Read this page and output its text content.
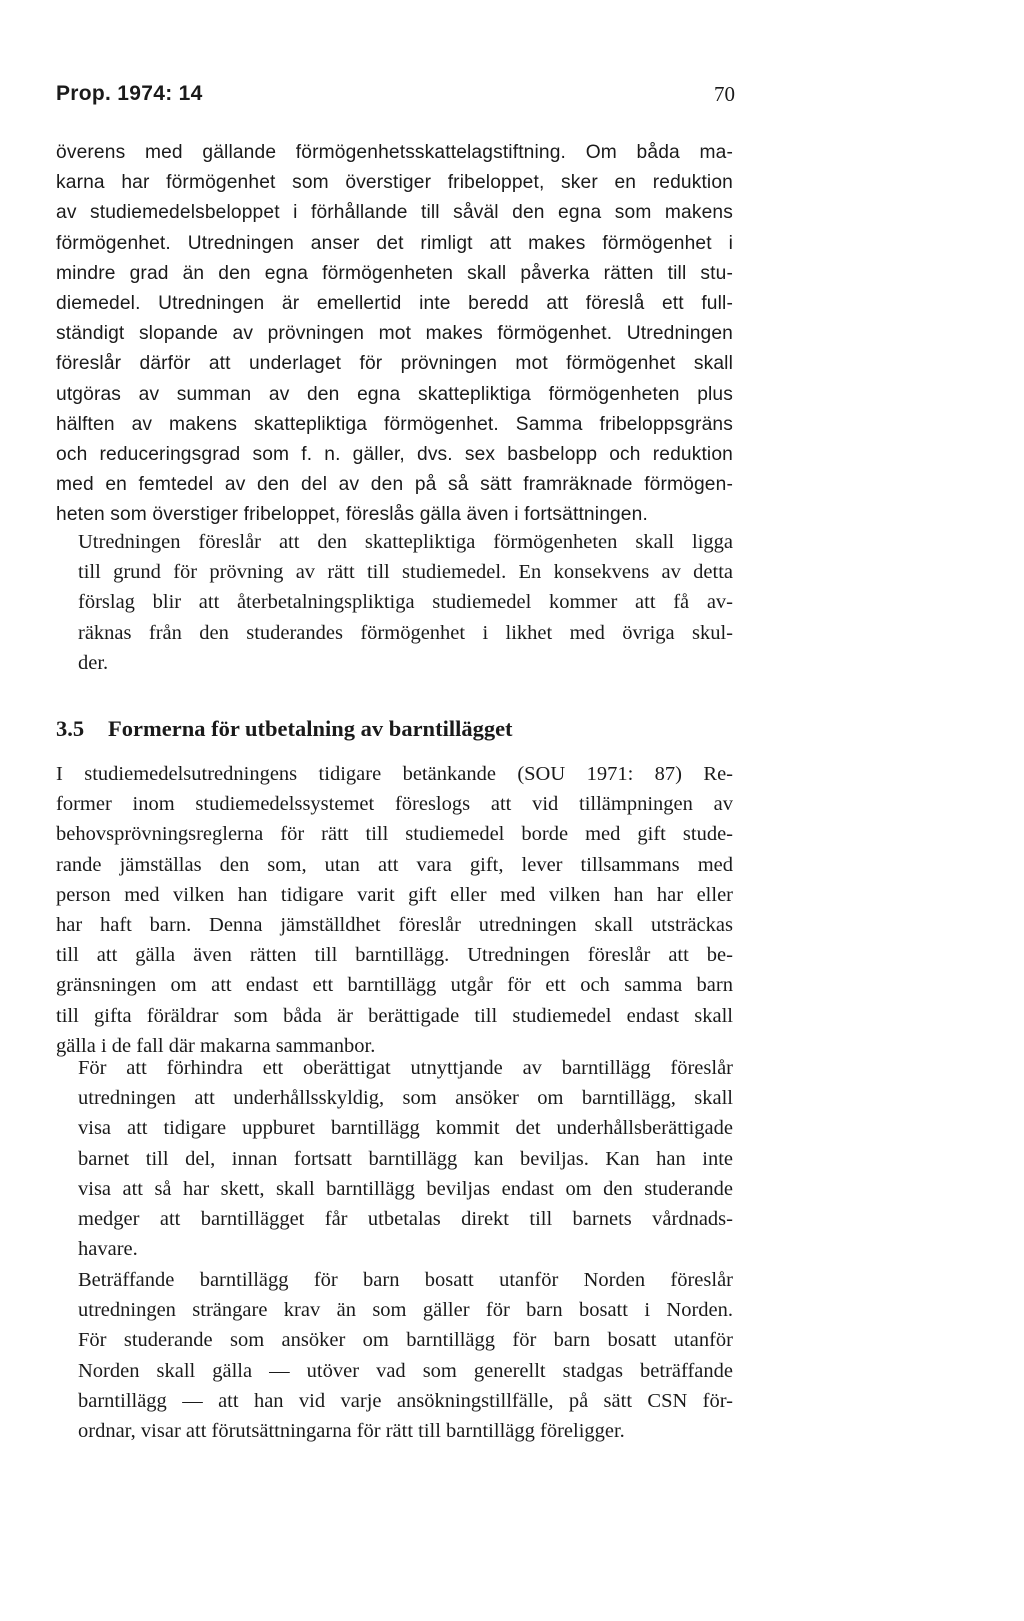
Prop. 1974: 14	70
överens med gällande förmögenhetsskattelagstiftning. Om båda ma-
karna har förmögenhet som överstiger fribeloppet, sker en reduktion
av studiemedelsbeloppet i förhållande till såväl den egna som makens
förmögenhet. Utredningen anser det rimligt att makes förmögenhet i
mindre grad än den egna förmögenheten skall påverka rätten till stu-
diemedel. Utredningen är emellertid inte beredd att föreslå ett full-
ständigt slopande av prövningen mot makes förmögenhet. Utredningen
föreslår därför att underlaget för prövningen mot förmögenhet skall
utgöras av summan av den egna skattepliktiga förmögenheten plus
hälften av makens skattepliktiga förmögenhet. Samma fribeloppsgräns
och reduceringsgrad som f. n. gäller, dvs. sex basbelopp och reduktion
med en femtedel av den del av den på så sätt framräknade förmögen-
heten som överstiger fribeloppet, föreslås gälla även i fortsättningen.
Utredningen föreslår att den skattepliktiga förmögenheten skall ligga
till grund för prövning av rätt till studiemedel. En konsekvens av detta
förslag blir att återbetalningspliktiga studiemedel kommer att få av-
räknas från den studerandes förmögenhet i likhet med övriga skul-
der.
3.5 Formerna för utbetalning av barntillägget
I studiemedelsutredningens tidigare betänkande (SOU 1971: 87) Re-
former inom studiemedelssystemet föreslogs att vid tillämpningen av
behovsprövningsreglerna för rätt till studiemedel borde med gift stude-
rande jämställas den som, utan att vara gift, lever tillsammans med
person med vilken han tidigare varit gift eller med vilken han har eller
har haft barn. Denna jämställdhet föreslår utredningen skall utsträckas
till att gälla även rätten till barntillägg. Utredningen föreslår att be-
gränsningen om att endast ett barntillägg utgår för ett och samma barn
till gifta föräldrar som båda är berättigade till studiemedel endast skall
gälla i de fall där makarna sammanbor.
För att förhindra ett oberättigat utnyttjande av barntillägg föreslår
utredningen att underhållsskyldig, som ansöker om barntillägg, skall
visa att tidigare uppburet barntillägg kommit det underhållsberättigade
barnet till del, innan fortsatt barntillägg kan beviljas. Kan han inte
visa att så har skett, skall barntillägg beviljas endast om den studerande
medger att barntillägget får utbetalas direkt till barnets vårdnads-
havare.
Beträffande barntillägg för barn bosatt utanför Norden föreslår
utredningen strängare krav än som gäller för barn bosatt i Norden.
För studerande som ansöker om barntillägg för barn bosatt utanför
Norden skall gälla — utöver vad som generellt stadgas beträffande
barntillägg — att han vid varje ansökningstillfälle, på sätt CSN för-
ordnar, visar att förutsättningarna för rätt till barntillägg föreligger.
